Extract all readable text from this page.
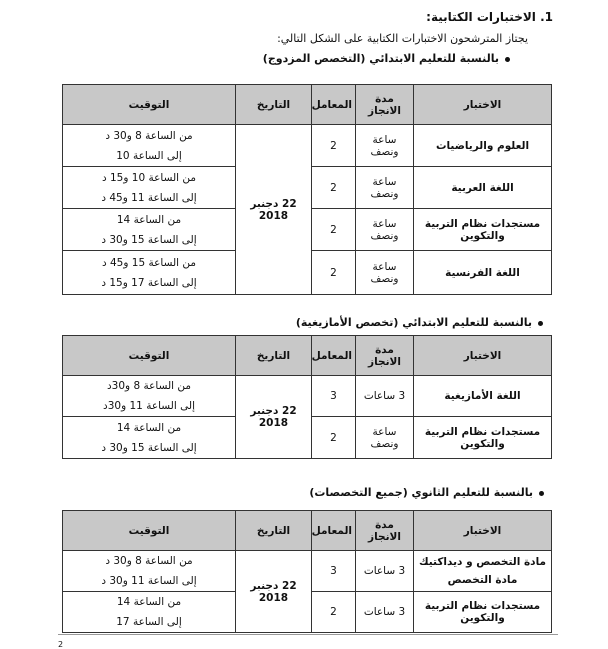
1. الاختبارات الكتابية:
يجتاز المترشحون الاختبارات الكتابية على الشكل التالي:
بالنسبة للتعليم الابتدائي (التخصص المزدوج)
الاختبار	مدة الانجاز	المعامل	التاريخ	التوقيت
العلوم والرياضيات	ساعة ونصف	2	22 دجنبر 2018	من الساعة 8 و30 د
إلى الساعة 10

اللغة العربية	ساعة ونصف	2		من الساعة 10 و15 د
إلى الساعة 11 و45 د

مستجدات نظام التربية والتكوين	ساعة ونصف	2		من الساعة 14
إلى الساعة 15 و30 د

اللغة الفرنسية	ساعة ونصف	2		من الساعة 15 و45 د
إلى الساعة 17 و15 د
بالنسبة للتعليم الابتدائي (تخصص الأمازيغية)
الاختبار	مدة الانجاز	المعامل	التاريخ	التوقيت
اللغة الأمازيغية	3 ساعات	3	22 دجنبر 2018	من الساعة 8 و30د
إلى الساعة 11 و30د

مستجدات نظام التربية والتكوين	ساعة ونصف	2		من الساعة 14
إلى الساعة 15 و30 د
بالنسبة للتعليم الثانوي (جميع التخصصات)
الاختبار	مدة الانجاز	المعامل	التاريخ	التوقيت
مادة التخصص و ديداكتيك مادة التخصص	3 ساعات	3	22 دجنبر 2018	من الساعة 8 و30 د
إلى الساعة 11 و30 د

مستجدات نظام التربية والتكوين	3 ساعات	2		من الساعة 14
إلى الساعة 17
2
